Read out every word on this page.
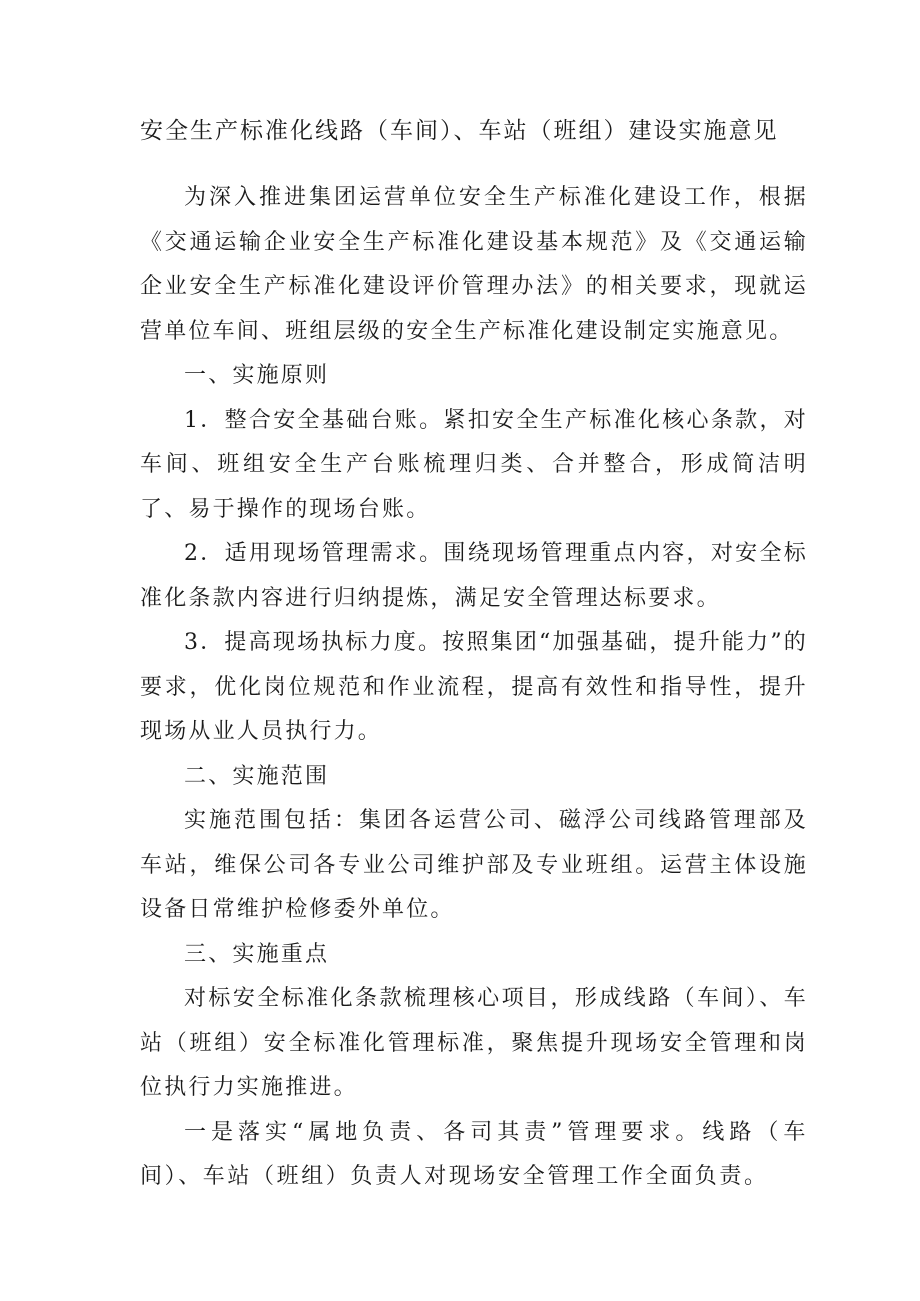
安全生产标准化线路（车间）、车站（班组）建设实施意见

为深入推进集团运营单位安全生产标准化建设工作，根据《交通运输企业安全生产标准化建设基本规范》及《交通运输企业安全生产标准化建设评价管理办法》的相关要求，现就运营单位车间、班组层级的安全生产标准化建设制定实施意见。

一、实施原则

1．整合安全基础台账。紧扣安全生产标准化核心条款，对车间、班组安全生产台账梳理归类、合并整合，形成简洁明了、易于操作的现场台账。

2．适用现场管理需求。围绕现场管理重点内容，对安全标准化条款内容进行归纳提炼，满足安全管理达标要求。

3．提高现场执标力度。按照集团“加强基础，提升能力”的要求，优化岗位规范和作业流程，提高有效性和指导性，提升现场从业人员执行力。

二、实施范围

实施范围包括：集团各运营公司、磁浮公司线路管理部及车站，维保公司各专业公司维护部及专业班组。运营主体设施设备日常维护检修委外单位。

三、实施重点

对标安全标准化条款梳理核心项目，形成线路（车间）、车站（班组）安全标准化管理标准，聚焦提升现场安全管理和岗位执行力实施推进。

一是落实“属地负责、各司其责”管理要求。线路（车间）、车站（班组）负责人对现场安全管理工作全面负责。
